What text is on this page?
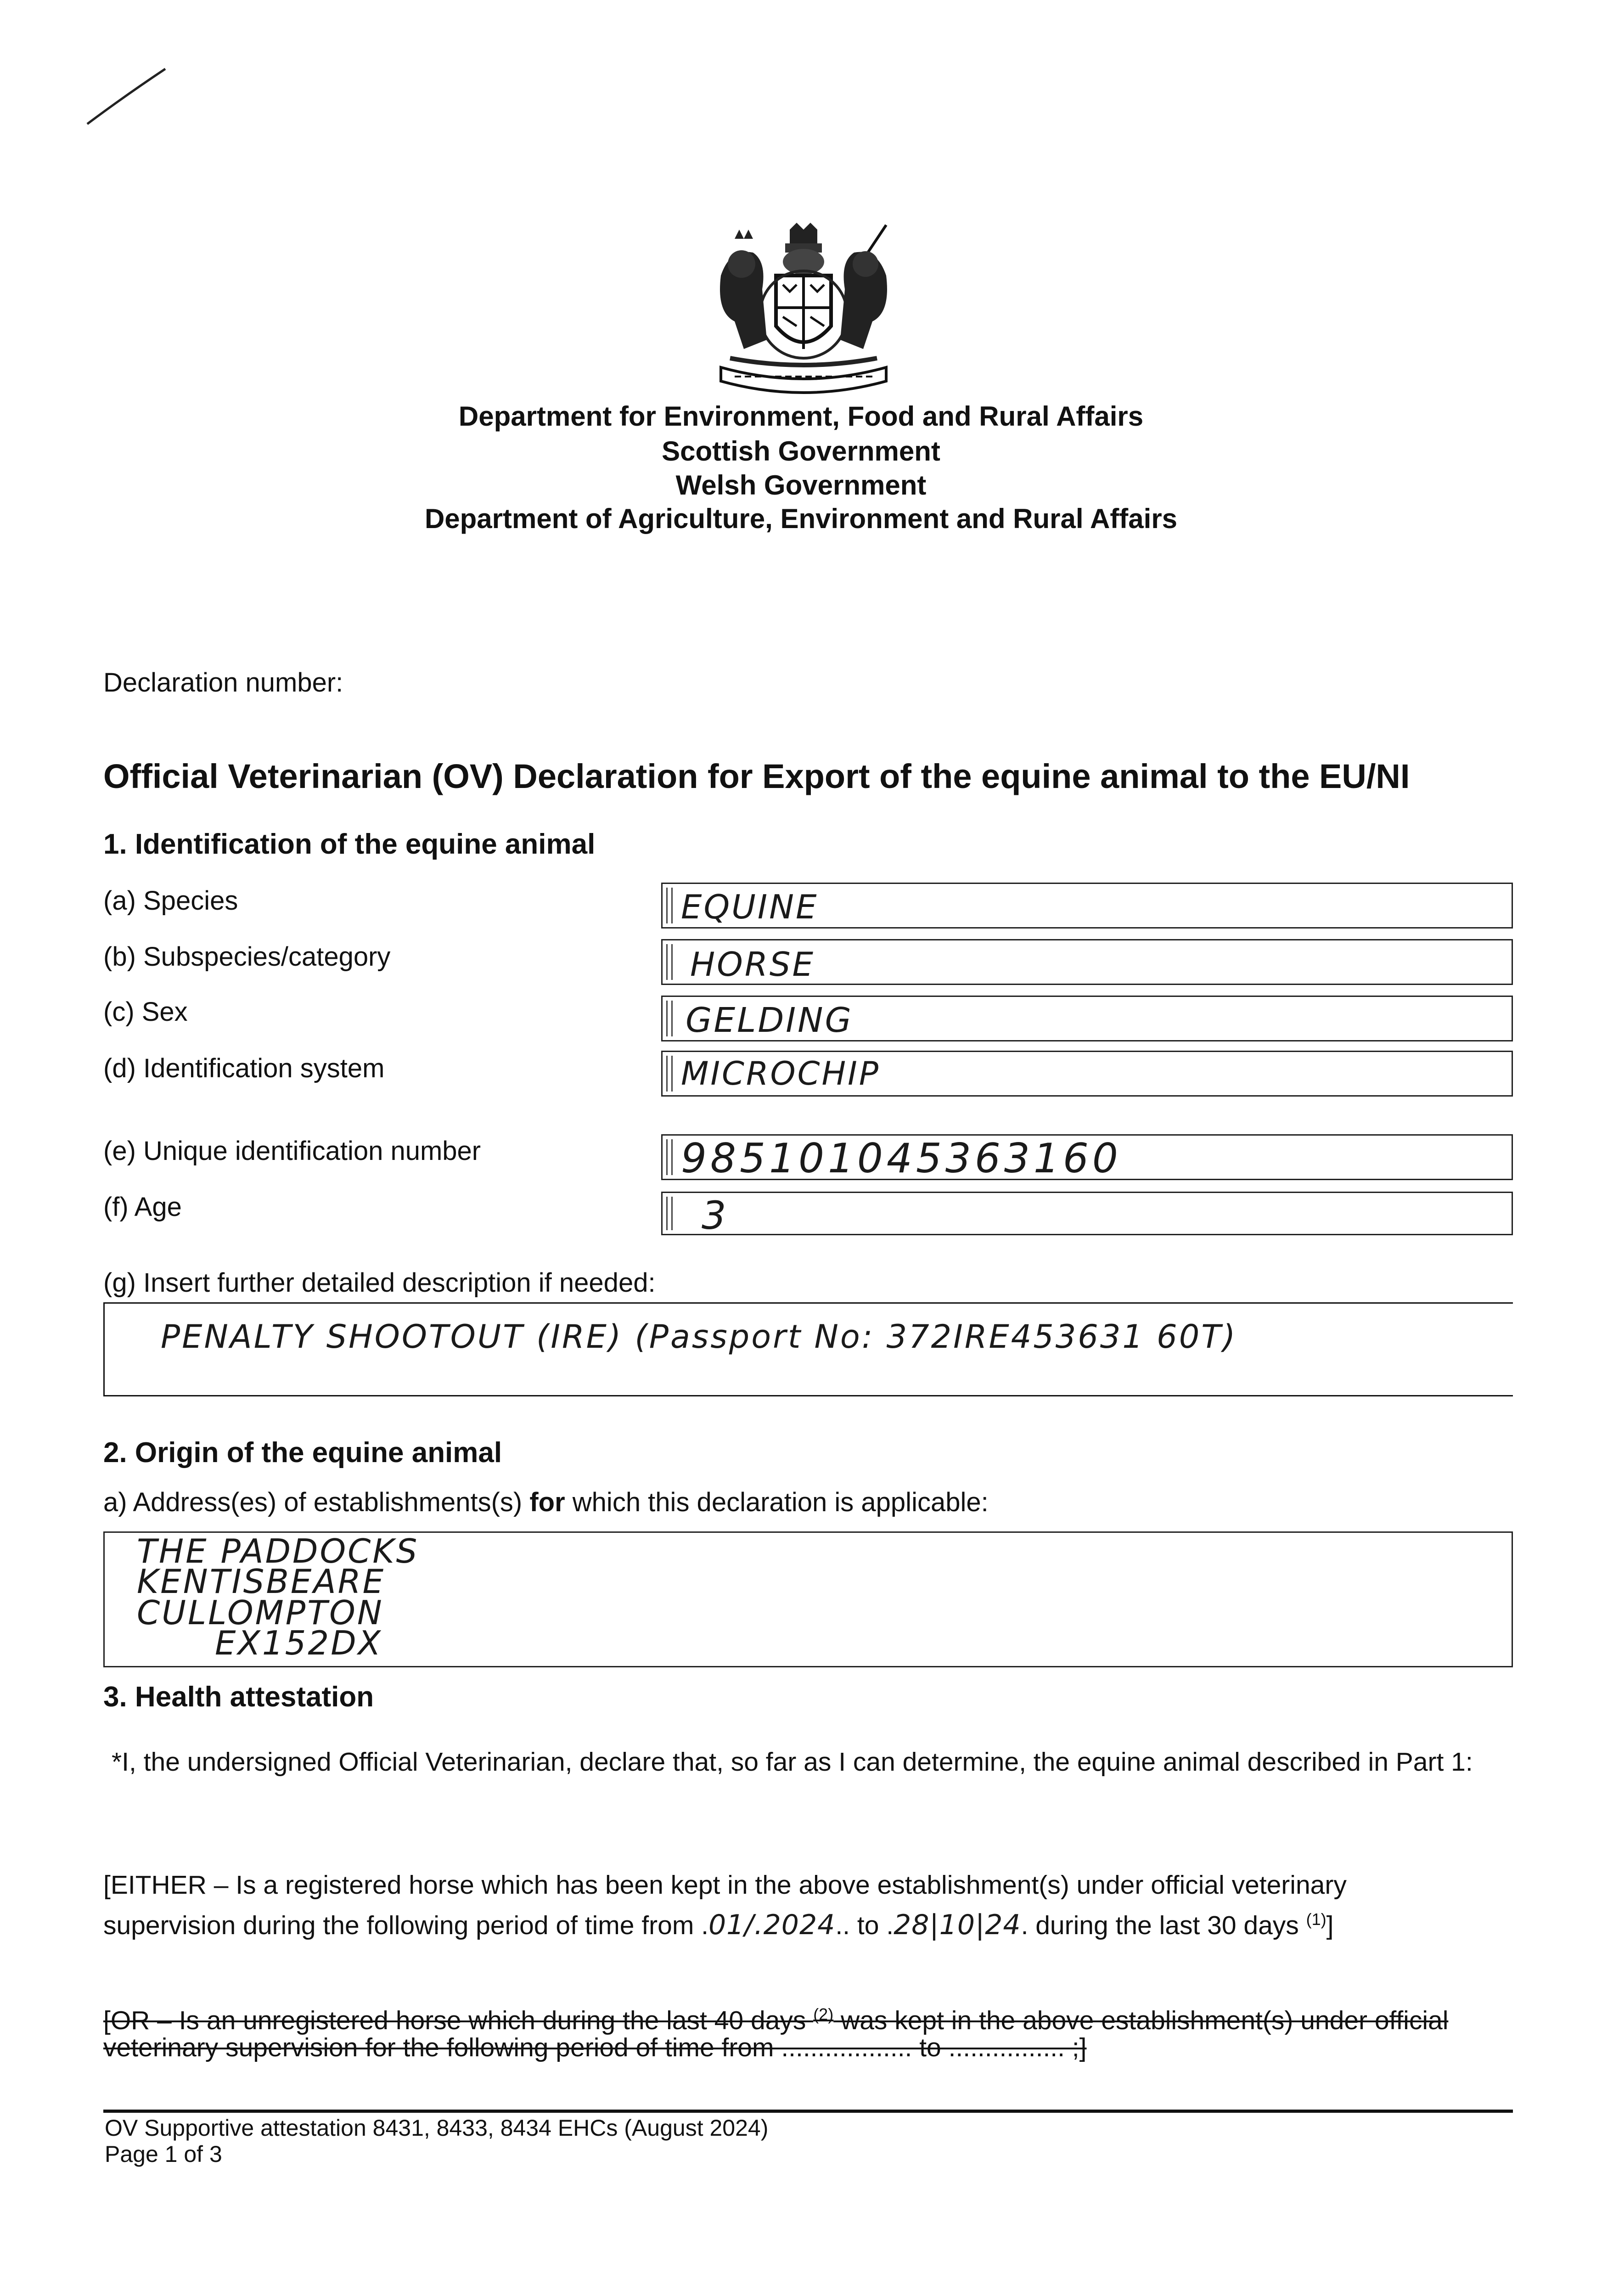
Department for Environment, Food and Rural Affairs
Scottish Government
Welsh Government
Department of Agriculture, Environment and Rural Affairs
Declaration number:
Official Veterinarian (OV) Declaration for Export of the equine animal to the EU/NI
1. Identification of the equine animal
(a) Species
(b) Subspecies/category
(c) Sex
(d) Identification system
(e) Unique identification number
(f) Age
EQUINE
HORSE
GELDING
MICROCHIP
985101045363160
3
(g) Insert further detailed description if needed:
PENALTY SHOOTOUT (IRE) (Passport No: 372IRE453631 60T)
2. Origin of the equine animal
a) Address(es) of establishments(s) for which this declaration is applicable:
THE PADDOCKS
KENTISBEARE
CULLOMPTON
EX152DX
3. Health attestation
*I, the undersigned Official Veterinarian, declare that, so far as I can determine, the equine animal described in Part 1:
[EITHER – Is a registered horse which has been kept in the above establishment(s) under official veterinary
supervision during the following period of time from .01/.2024.. to .28|10|24. during the last 30 days $^{(1)}$]
[OR – Is an unregistered horse which during the last 40 days $^{(2)}$ was kept in the above establishment(s) under official
veterinary supervision for the following period of time from .................. to ................ ;]
OV Supportive attestation 8431, 8433, 8434 EHCs (August 2024)
Page 1 of 3
